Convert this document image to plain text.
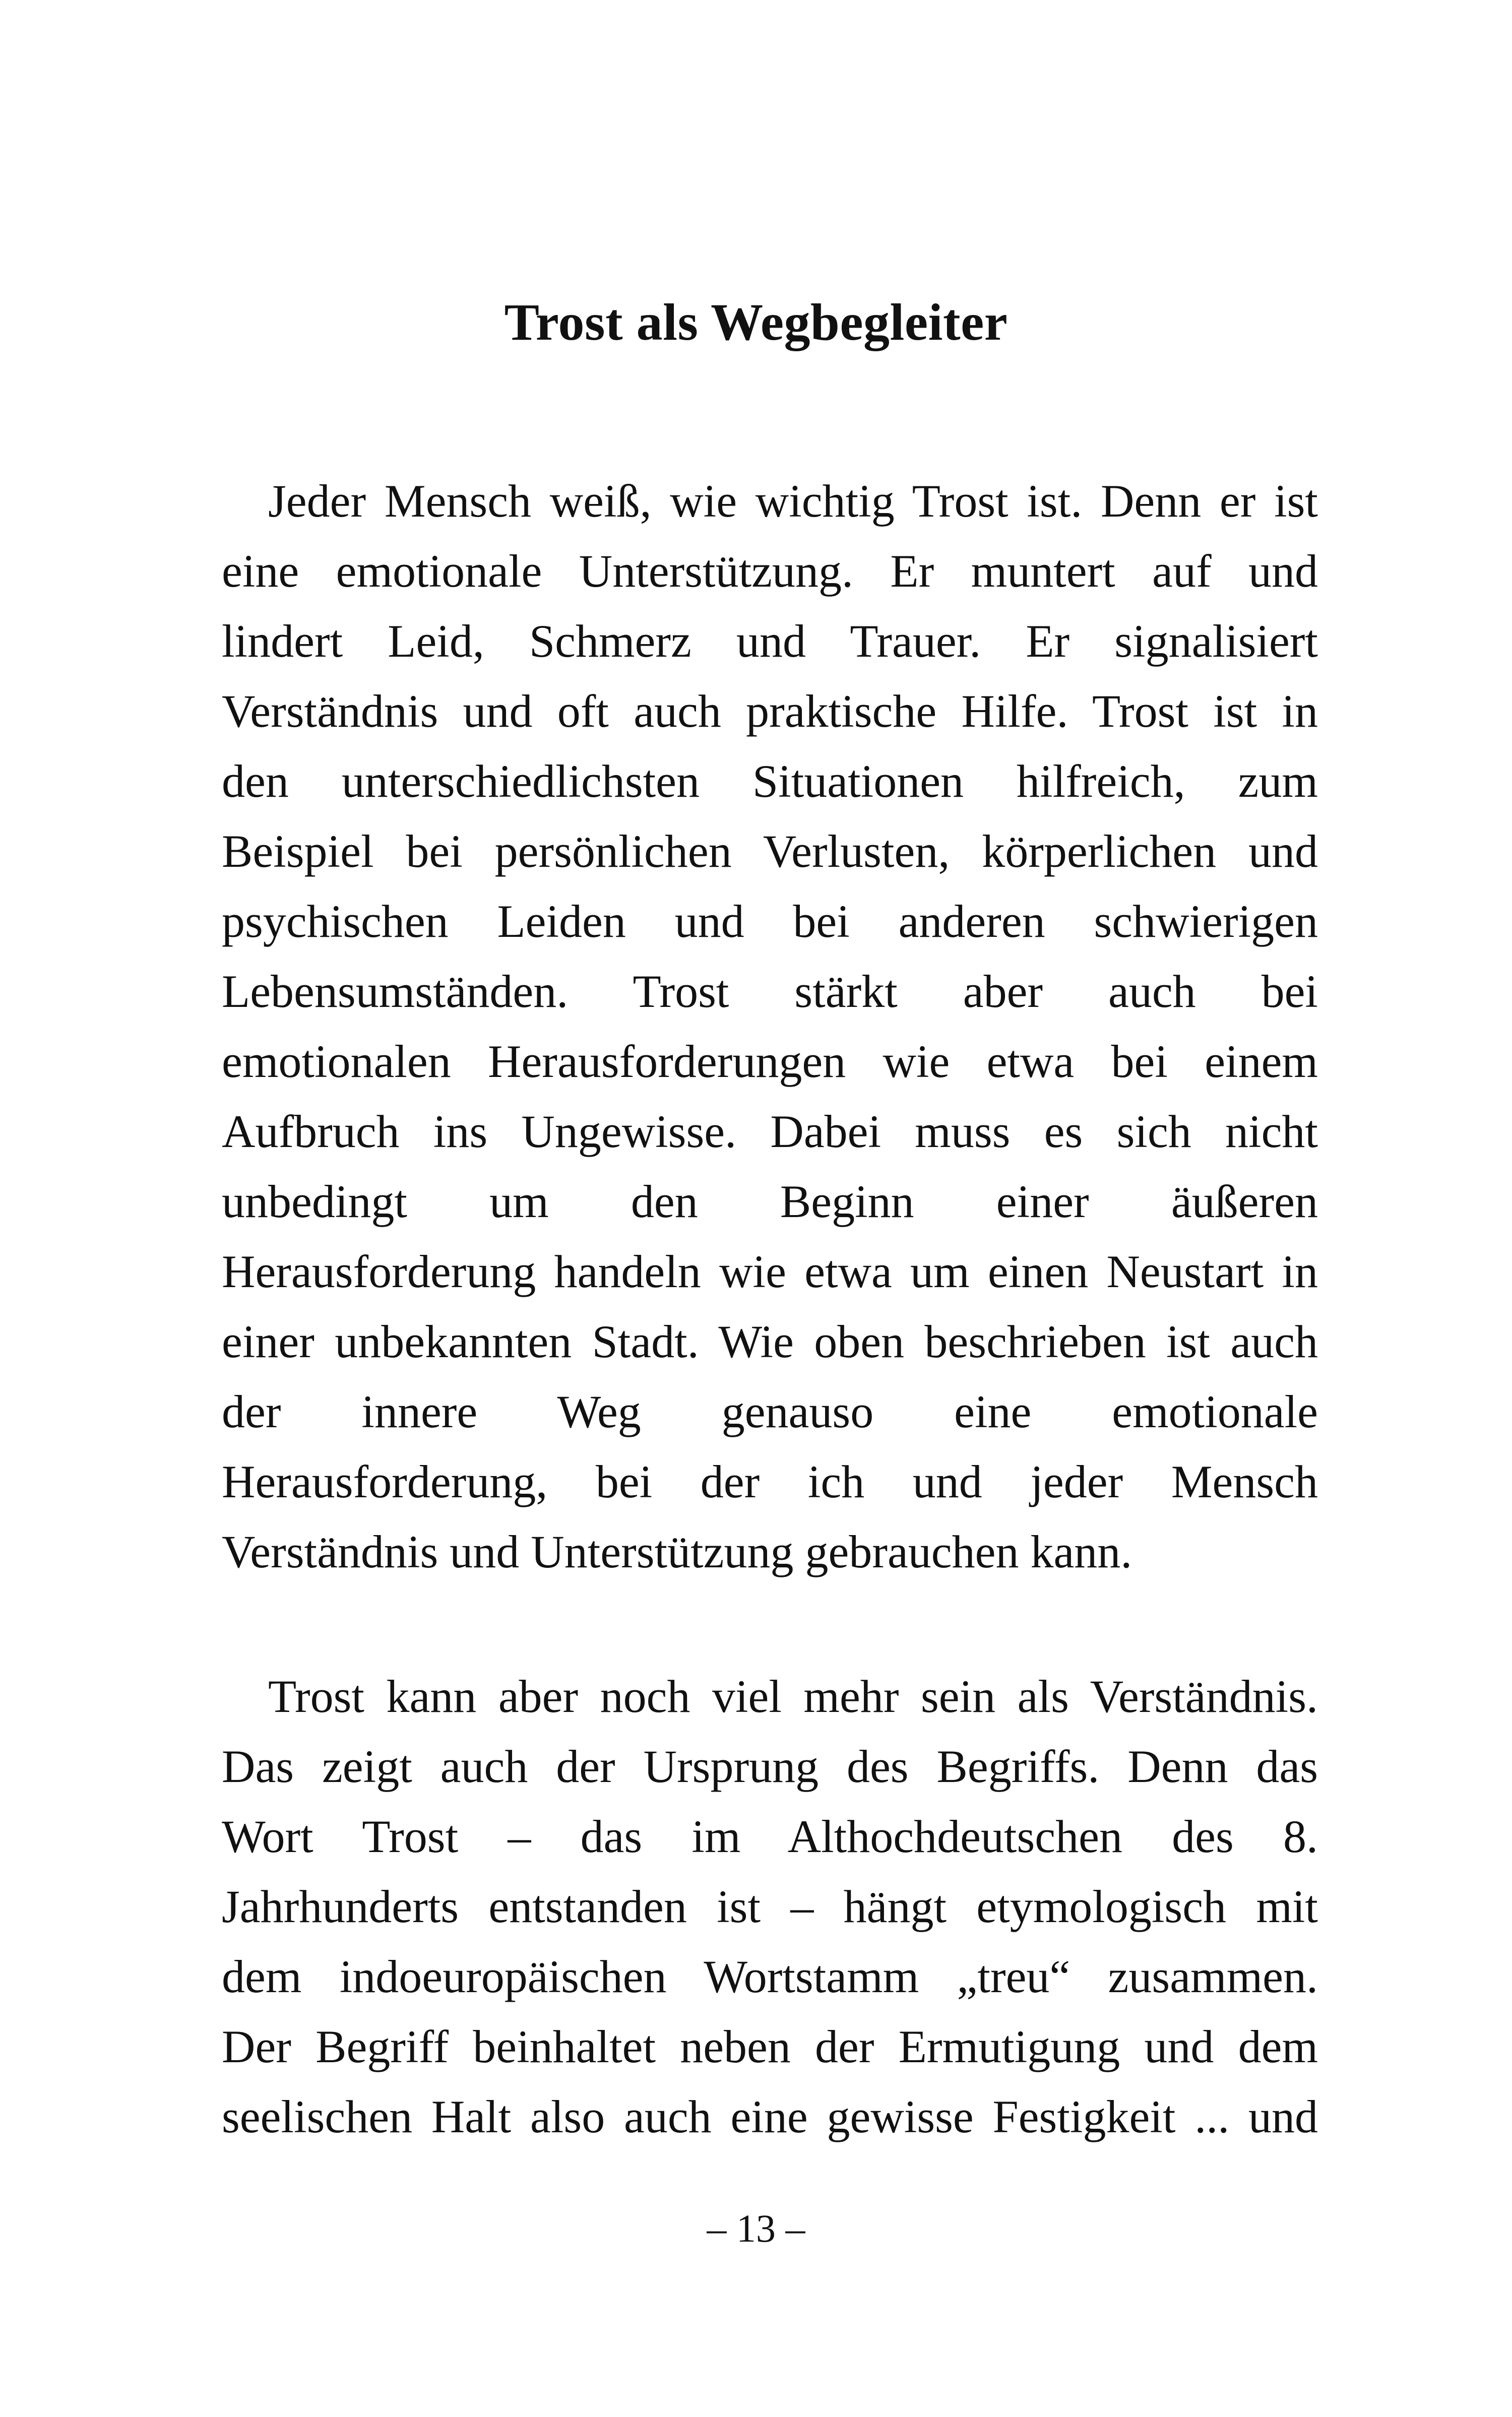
Trost als Wegbegleiter
Jeder Mensch weiß, wie wichtig Trost ist. Denn er ist
eine emotionale Unterstützung. Er muntert auf und
lindert Leid, Schmerz und Trauer. Er signalisiert
Verständnis und oft auch praktische Hilfe. Trost ist in
den unterschiedlichsten Situationen hilfreich, zum
Beispiel bei persönlichen Verlusten, körperlichen und
psychischen Leiden und bei anderen schwierigen
Lebensumständen. Trost stärkt aber auch bei
emotionalen Herausforderungen wie etwa bei einem
Aufbruch ins Ungewisse. Dabei muss es sich nicht
unbedingt um den Beginn einer äußeren
Herausforderung handeln wie etwa um einen Neustart in
einer unbekannten Stadt. Wie oben beschrieben ist auch
der innere Weg genauso eine emotionale
Herausforderung, bei der ich und jeder Mensch
Verständnis und Unterstützung gebrauchen kann.
Trost kann aber noch viel mehr sein als Verständnis.
Das zeigt auch der Ursprung des Begriffs. Denn das
Wort Trost – das im Althochdeutschen des 8.
Jahrhunderts entstanden ist – hängt etymologisch mit
dem indoeuropäischen Wortstamm „treu“ zusammen.
Der Begriff beinhaltet neben der Ermutigung und dem
seelischen Halt also auch eine gewisse Festigkeit ... und
– 13 –
